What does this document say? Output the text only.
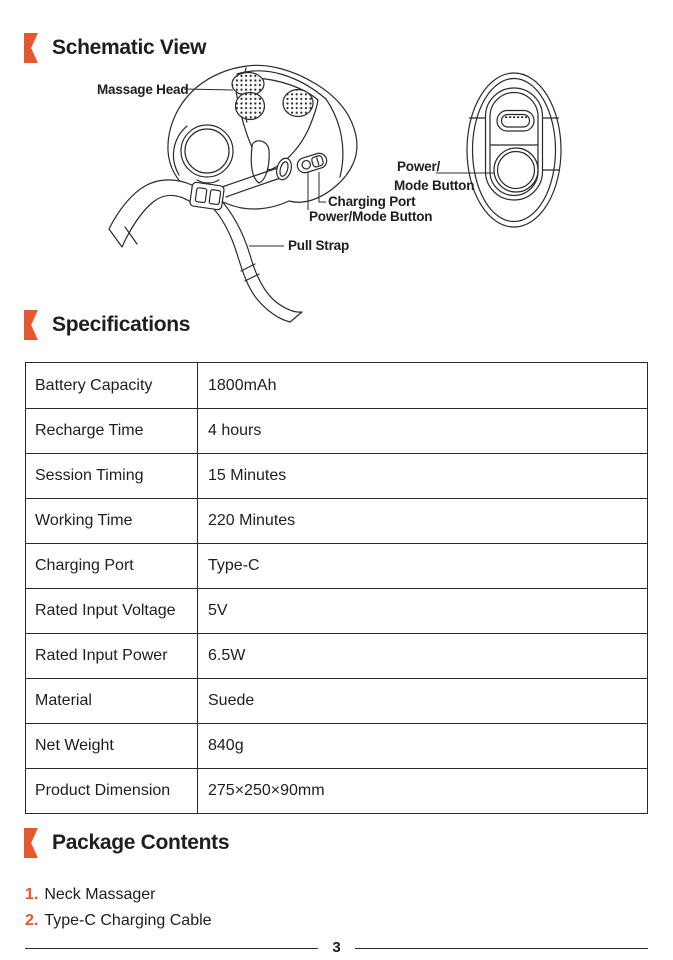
Schematic View
Massage Head
Power/
Mode Button
Charging Port
Power/Mode Button
Pull Strap
Specifications
Battery Capacity	1800mAh
Recharge Time	4 hours
Session Timing	15 Minutes
Working Time	220 Minutes
Charging Port	Type-C
Rated Input Voltage	5V
Rated Input Power	6.5W
Material	Suede
Net Weight	840g
Product Dimension	275×250×90mm
Package Contents
1. Neck Massager
2. Type-C Charging Cable
3
